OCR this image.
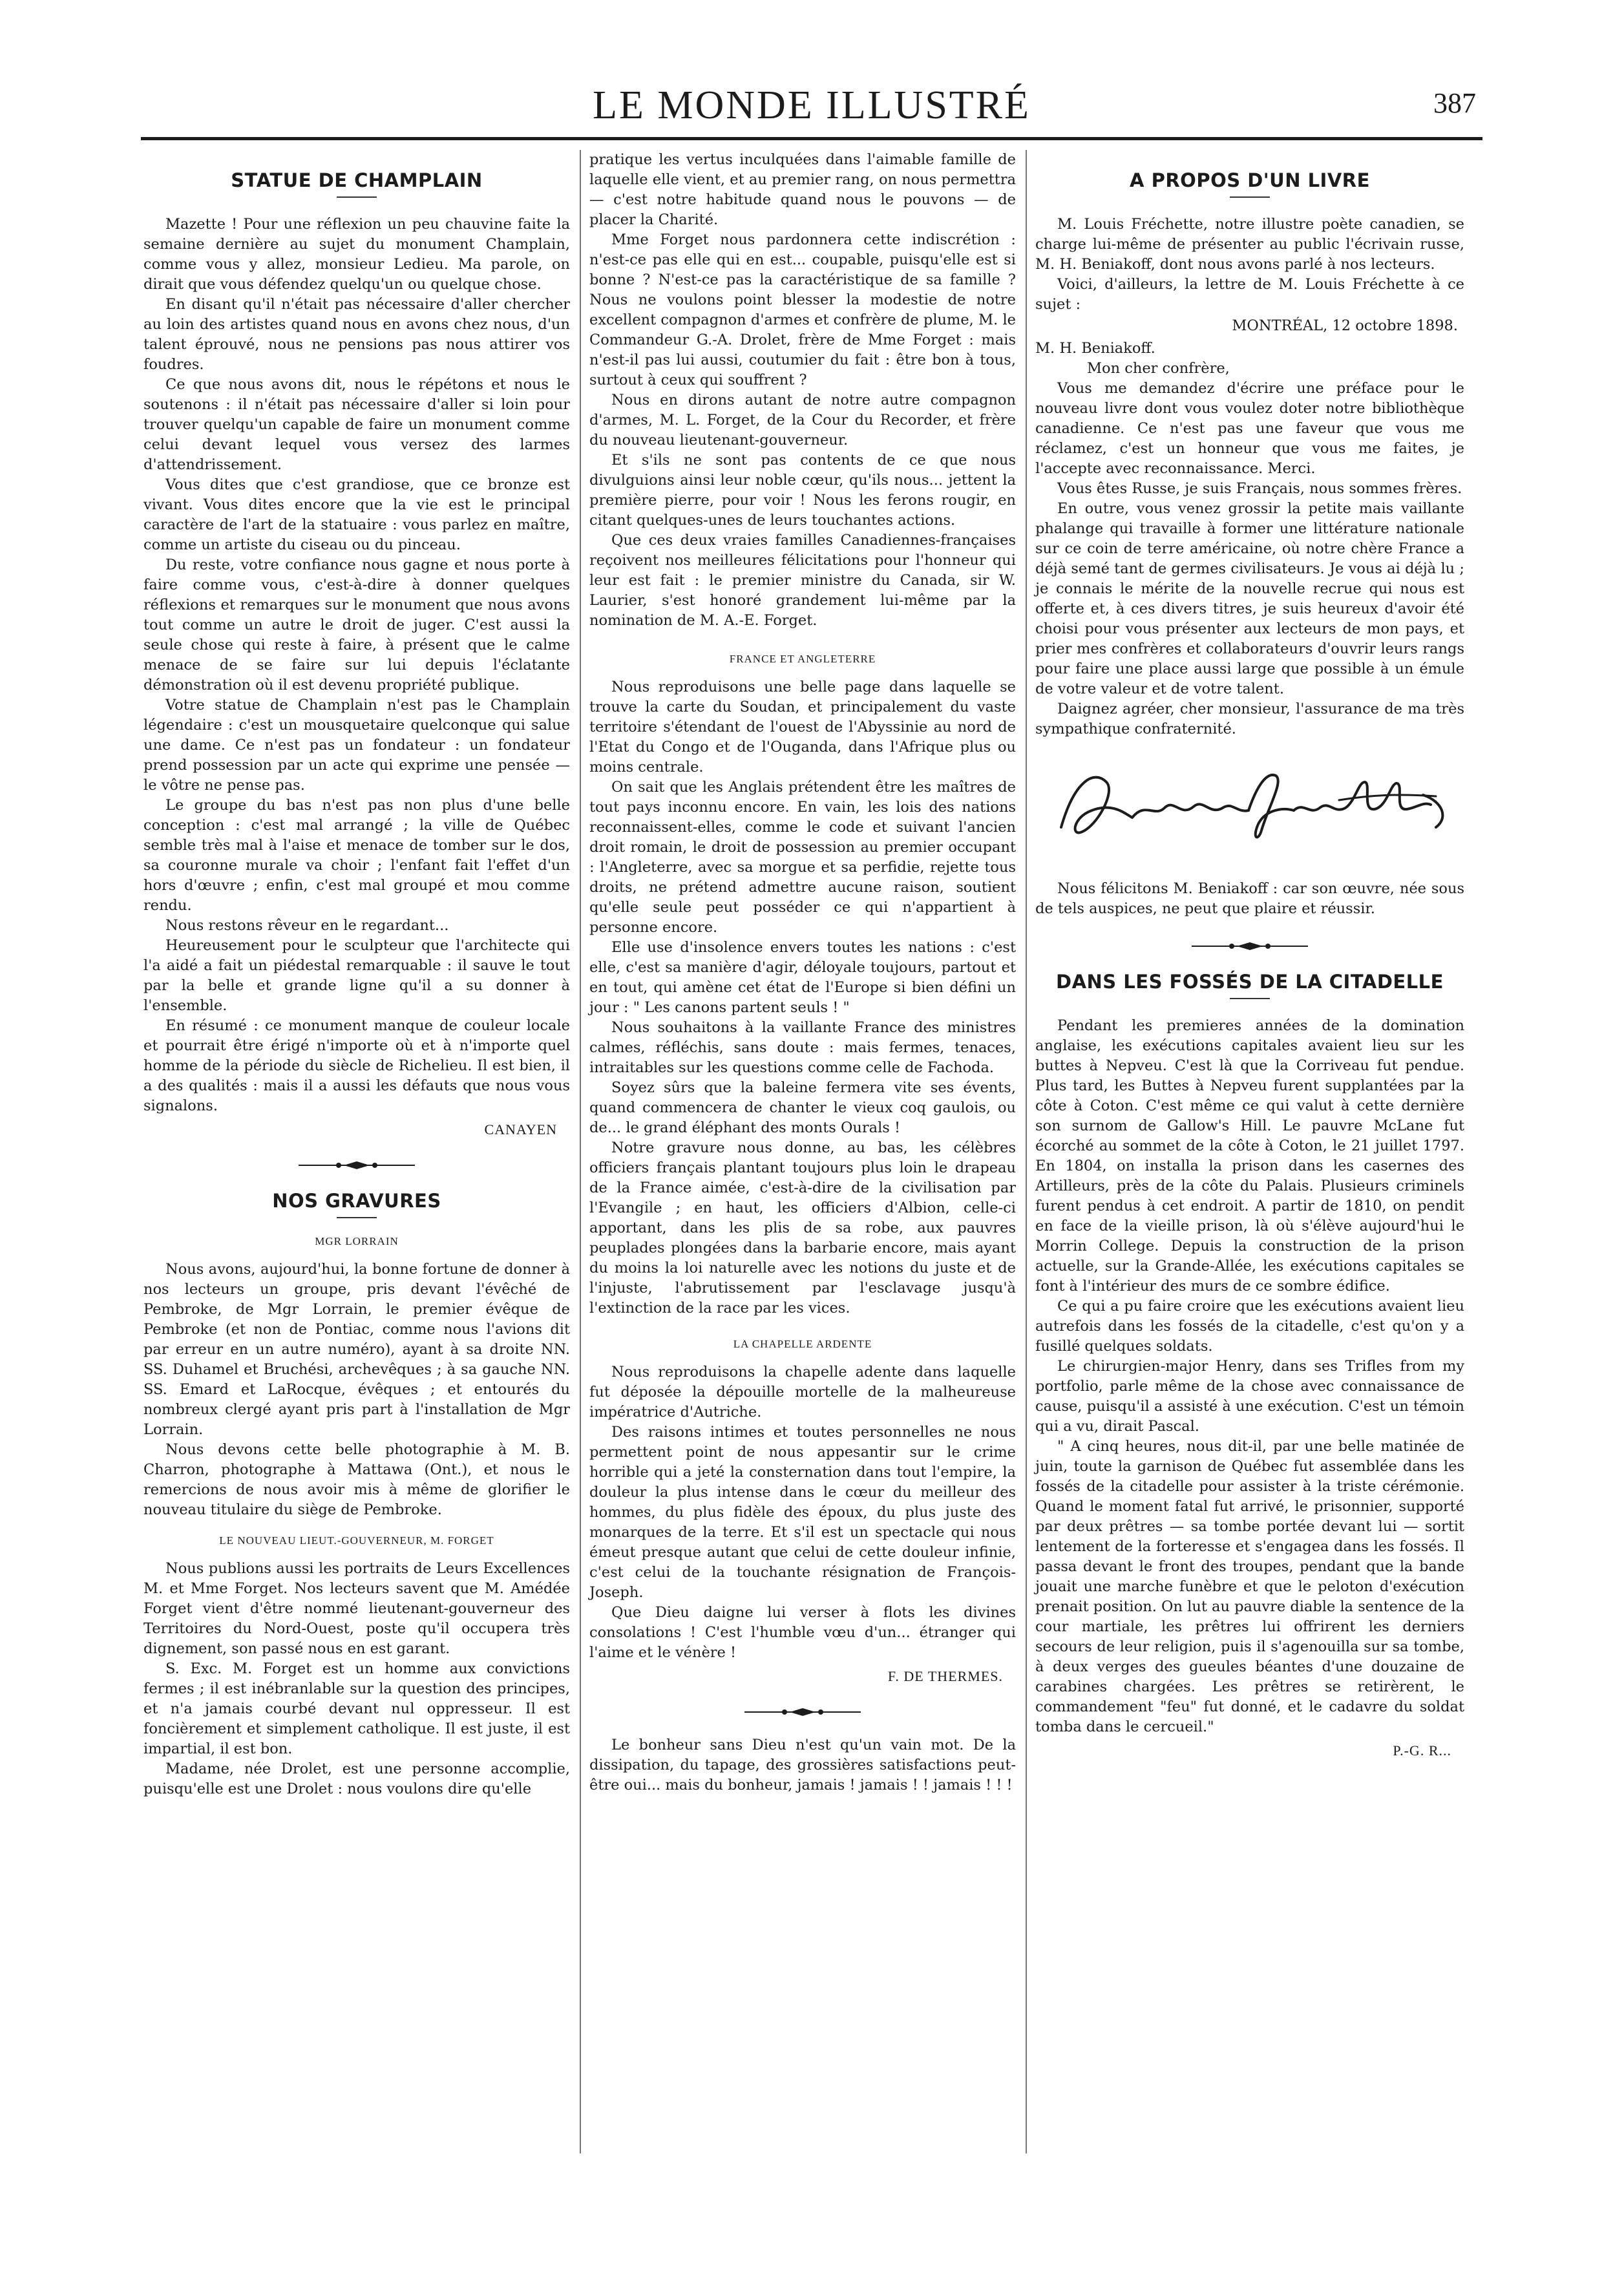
LE MONDE ILLUSTRÉ	387
STATUE DE CHAMPLAIN

Mazette ! Pour une réflexion un peu chauvine faite la semaine dernière au sujet du monument Champlain, comme vous y allez, monsieur Ledieu. Ma parole, on dirait que vous défendez quelqu'un ou quelque chose.

En disant qu'il n'était pas nécessaire d'aller chercher au loin des artistes quand nous en avons chez nous, d'un talent éprouvé, nous ne pensions pas nous attirer vos foudres.

Ce que nous avons dit, nous le répétons et nous le soutenons : il n'était pas nécessaire d'aller si loin pour trouver quelqu'un capable de faire un monument comme celui devant lequel vous versez des larmes d'attendrissement.

Vous dites que c'est grandiose, que ce bronze est vivant. Vous dites encore que la vie est le principal caractère de l'art de la statuaire : vous parlez en maître, comme un artiste du ciseau ou du pinceau.

Du reste, votre confiance nous gagne et nous porte à faire comme vous, c'est-à-dire à donner quelques réflexions et remarques sur le monument que nous avons tout comme un autre le droit de juger. C'est aussi la seule chose qui reste à faire, à présent que le calme menace de se faire sur lui depuis l'éclatante démonstration où il est devenu propriété publique.

Votre statue de Champlain n'est pas le Champlain légendaire : c'est un mousquetaire quelconque qui salue une dame. Ce n'est pas un fondateur : un fondateur prend possession par un acte qui exprime une pensée — le vôtre ne pense pas.

Le groupe du bas n'est pas non plus d'une belle conception : c'est mal arrangé ; la ville de Québec semble très mal à l'aise et menace de tomber sur le dos, sa couronne murale va choir ; l'enfant fait l'effet d'un hors d'œuvre ; enfin, c'est mal groupé et mou comme rendu.

Nous restons rêveur en le regardant...

Heureusement pour le sculpteur que l'architecte qui l'a aidé a fait un piédestal remarquable : il sauve le tout par la belle et grande ligne qu'il a su donner à l'ensemble.

En résumé : ce monument manque de couleur locale et pourrait être érigé n'importe où et à n'importe quel homme de la période du siècle de Richelieu. Il est bien, il a des qualités : mais il a aussi les défauts que nous vous signalons.

CANAYEN
NOS GRAVURES
MGR LORRAIN

Nous avons, aujourd'hui, la bonne fortune de donner à nos lecteurs un groupe, pris devant l'évêché de Pembroke, de Mgr Lorrain, le premier évêque de Pembroke (et non de Pontiac, comme nous l'avions dit par erreur en un autre numéro), ayant à sa droite NN. SS. Duhamel et Bruchési, archevêques ; à sa gauche NN. SS. Emard et LaRocque, évêques ; et entourés du nombreux clergé ayant pris part à l'installation de Mgr Lorrain.

Nous devons cette belle photographie à M. B. Charron, photographe à Mattawa (Ont.), et nous le remercions de nous avoir mis à même de glorifier le nouveau titulaire du siège de Pembroke.

LE NOUVEAU LIEUT.-GOUVERNEUR, M. FORGET

Nous publions aussi les portraits de Leurs Excellences M. et Mme Forget. Nos lecteurs savent que M. Amédée Forget vient d'être nommé lieutenant-gouverneur des Territoires du Nord-Ouest, poste qu'il occupera très dignement, son passé nous en est garant.

S. Exc. M. Forget est un homme aux convictions fermes ; il est inébranlable sur la question des principes, et n'a jamais courbé devant nul oppresseur. Il est foncièrement et simplement catholique. Il est juste, il est impartial, il est bon.

Madame, née Drolet, est une personne accomplie, puisqu'elle est une Drolet : nous voulons dire qu'elle

pratique les vertus inculquées dans l'aimable famille de laquelle elle vient, et au premier rang, on nous permettra — c'est notre habitude quand nous le pouvons — de placer la Charité.

Mme Forget nous pardonnera cette indiscrétion : n'est-ce pas elle qui en est... coupable, puisqu'elle est si bonne ? N'est-ce pas la caractéristique de sa famille ? Nous ne voulons point blesser la modestie de notre excellent compagnon d'armes et confrère de plume, M. le Commandeur G.-A. Drolet, frère de Mme Forget : mais n'est-il pas lui aussi, coutumier du fait : être bon à tous, surtout à ceux qui souffrent ?

Nous en dirons autant de notre autre compagnon d'armes, M. L. Forget, de la Cour du Recorder, et frère du nouveau lieutenant-gouverneur.

Et s'ils ne sont pas contents de ce que nous divulguions ainsi leur noble cœur, qu'ils nous... jettent la première pierre, pour voir ! Nous les ferons rougir, en citant quelques-unes de leurs touchantes actions.

Que ces deux vraies familles Canadiennes-françaises reçoivent nos meilleures félicitations pour l'honneur qui leur est fait : le premier ministre du Canada, sir W. Laurier, s'est honoré grandement lui-même par la nomination de M. A.-E. Forget.

FRANCE ET ANGLETERRE

Nous reproduisons une belle page dans laquelle se trouve la carte du Soudan, et principalement du vaste territoire s'étendant de l'ouest de l'Abyssinie au nord de l'Etat du Congo et de l'Ouganda, dans l'Afrique plus ou moins centrale.

On sait que les Anglais prétendent être les maîtres de tout pays inconnu encore. En vain, les lois des nations reconnaissent-elles, comme le code et suivant l'ancien droit romain, le droit de possession au premier occupant : l'Angleterre, avec sa morgue et sa perfidie, rejette tous droits, ne prétend admettre aucune raison, soutient qu'elle seule peut posséder ce qui n'appartient à personne encore.

Elle use d'insolence envers toutes les nations : c'est elle, c'est sa manière d'agir, déloyale toujours, partout et en tout, qui amène cet état de l'Europe si bien défini un jour : " Les canons partent seuls ! "

Nous souhaitons à la vaillante France des ministres calmes, réfléchis, sans doute : mais fermes, tenaces, intraitables sur les questions comme celle de Fachoda.

Soyez sûrs que la baleine fermera vite ses évents, quand commencera de chanter le vieux coq gaulois, ou de... le grand éléphant des monts Ourals !

Notre gravure nous donne, au bas, les célèbres officiers français plantant toujours plus loin le drapeau de la France aimée, c'est-à-dire de la civilisation par l'Evangile ; en haut, les officiers d'Albion, celle-ci apportant, dans les plis de sa robe, aux pauvres peuplades plongées dans la barbarie encore, mais ayant du moins la loi naturelle avec les notions du juste et de l'injuste, l'abrutissement par l'esclavage jusqu'à l'extinction de la race par les vices.

LA CHAPELLE ARDENTE

Nous reproduisons la chapelle adente dans laquelle fut déposée la dépouille mortelle de la malheureuse impératrice d'Autriche.

Des raisons intimes et toutes personnelles ne nous permettent point de nous appesantir sur le crime horrible qui a jeté la consternation dans tout l'empire, la douleur la plus intense dans le cœur du meilleur des hommes, du plus fidèle des époux, du plus juste des monarques de la terre. Et s'il est un spectacle qui nous émeut presque autant que celui de cette douleur infinie, c'est celui de la touchante résignation de François-Joseph.

Que Dieu daigne lui verser à flots les divines consolations ! C'est l'humble vœu d'un... étranger qui l'aime et le vénère !

F. DE THERMES.

Le bonheur sans Dieu n'est qu'un vain mot. De la dissipation, du tapage, des grossières satisfactions peut-être oui... mais du bonheur, jamais ! jamais ! ! jamais ! ! !

A PROPOS D'UN LIVRE

M. Louis Fréchette, notre illustre poète canadien, se charge lui-même de présenter au public l'écrivain russe, M. H. Beniakoff, dont nous avons parlé à nos lecteurs.

Voici, d'ailleurs, la lettre de M. Louis Fréchette à ce sujet :

MONTRÉAL, 12 octobre 1898.

M. H. Beniakoff.

Mon cher confrère,

Vous me demandez d'écrire une préface pour le nouveau livre dont vous voulez doter notre bibliothèque canadienne. Ce n'est pas une faveur que vous me réclamez, c'est un honneur que vous me faites, je l'accepte avec reconnaissance. Merci.

Vous êtes Russe, je suis Français, nous sommes frères.

En outre, vous venez grossir la petite mais vaillante phalange qui travaille à former une littérature nationale sur ce coin de terre américaine, où notre chère France a déjà semé tant de germes civilisateurs. Je vous ai déjà lu ; je connais le mérite de la nouvelle recrue qui nous est offerte et, à ces divers titres, je suis heureux d'avoir été choisi pour vous présenter aux lecteurs de mon pays, et prier mes confrères et collaborateurs d'ouvrir leurs rangs pour faire une place aussi large que possible à un émule de votre valeur et de votre talent.

Daignez agréer, cher monsieur, l'assurance de ma très sympathique confraternité.

Nous félicitons M. Beniakoff : car son œuvre, née sous de tels auspices, ne peut que plaire et réussir.

DANS LES FOSSÉS DE LA CITADELLE

Pendant les premieres années de la domination anglaise, les exécutions capitales avaient lieu sur les buttes à Nepveu. C'est là que la Corriveau fut pendue. Plus tard, les Buttes à Nepveu furent supplantées par la côte à Coton. C'est même ce qui valut à cette dernière son surnom de Gallow's Hill. Le pauvre McLane fut écorché au sommet de la côte à Coton, le 21 juillet 1797. En 1804, on installa la prison dans les casernes des Artilleurs, près de la côte du Palais. Plusieurs criminels furent pendus à cet endroit. A partir de 1810, on pendit en face de la vieille prison, là où s'élève aujourd'hui le Morrin College. Depuis la construction de la prison actuelle, sur la Grande-Allée, les exécutions capitales se font à l'intérieur des murs de ce sombre édifice.

Ce qui a pu faire croire que les exécutions avaient lieu autrefois dans les fossés de la citadelle, c'est qu'on y a fusillé quelques soldats.

Le chirurgien-major Henry, dans ses Trifles from my portfolio, parle même de la chose avec connaissance de cause, puisqu'il a assisté à une exécution. C'est un témoin qui a vu, dirait Pascal.

" A cinq heures, nous dit-il, par une belle matinée de juin, toute la garnison de Québec fut assemblée dans les fossés de la citadelle pour assister à la triste cérémonie. Quand le moment fatal fut arrivé, le prisonnier, supporté par deux prêtres — sa tombe portée devant lui — sortit lentement de la forteresse et s'engagea dans les fossés. Il passa devant le front des troupes, pendant que la bande jouait une marche funèbre et que le peloton d'exécution prenait position. On lut au pauvre diable la sentence de la cour martiale, les prêtres lui offrirent les derniers secours de leur religion, puis il s'agenouilla sur sa tombe, à deux verges des gueules béantes d'une douzaine de carabines chargées. Les prêtres se retirèrent, le commandement "feu" fut donné, et le cadavre du soldat tomba dans le cercueil."

P.-G. R...
